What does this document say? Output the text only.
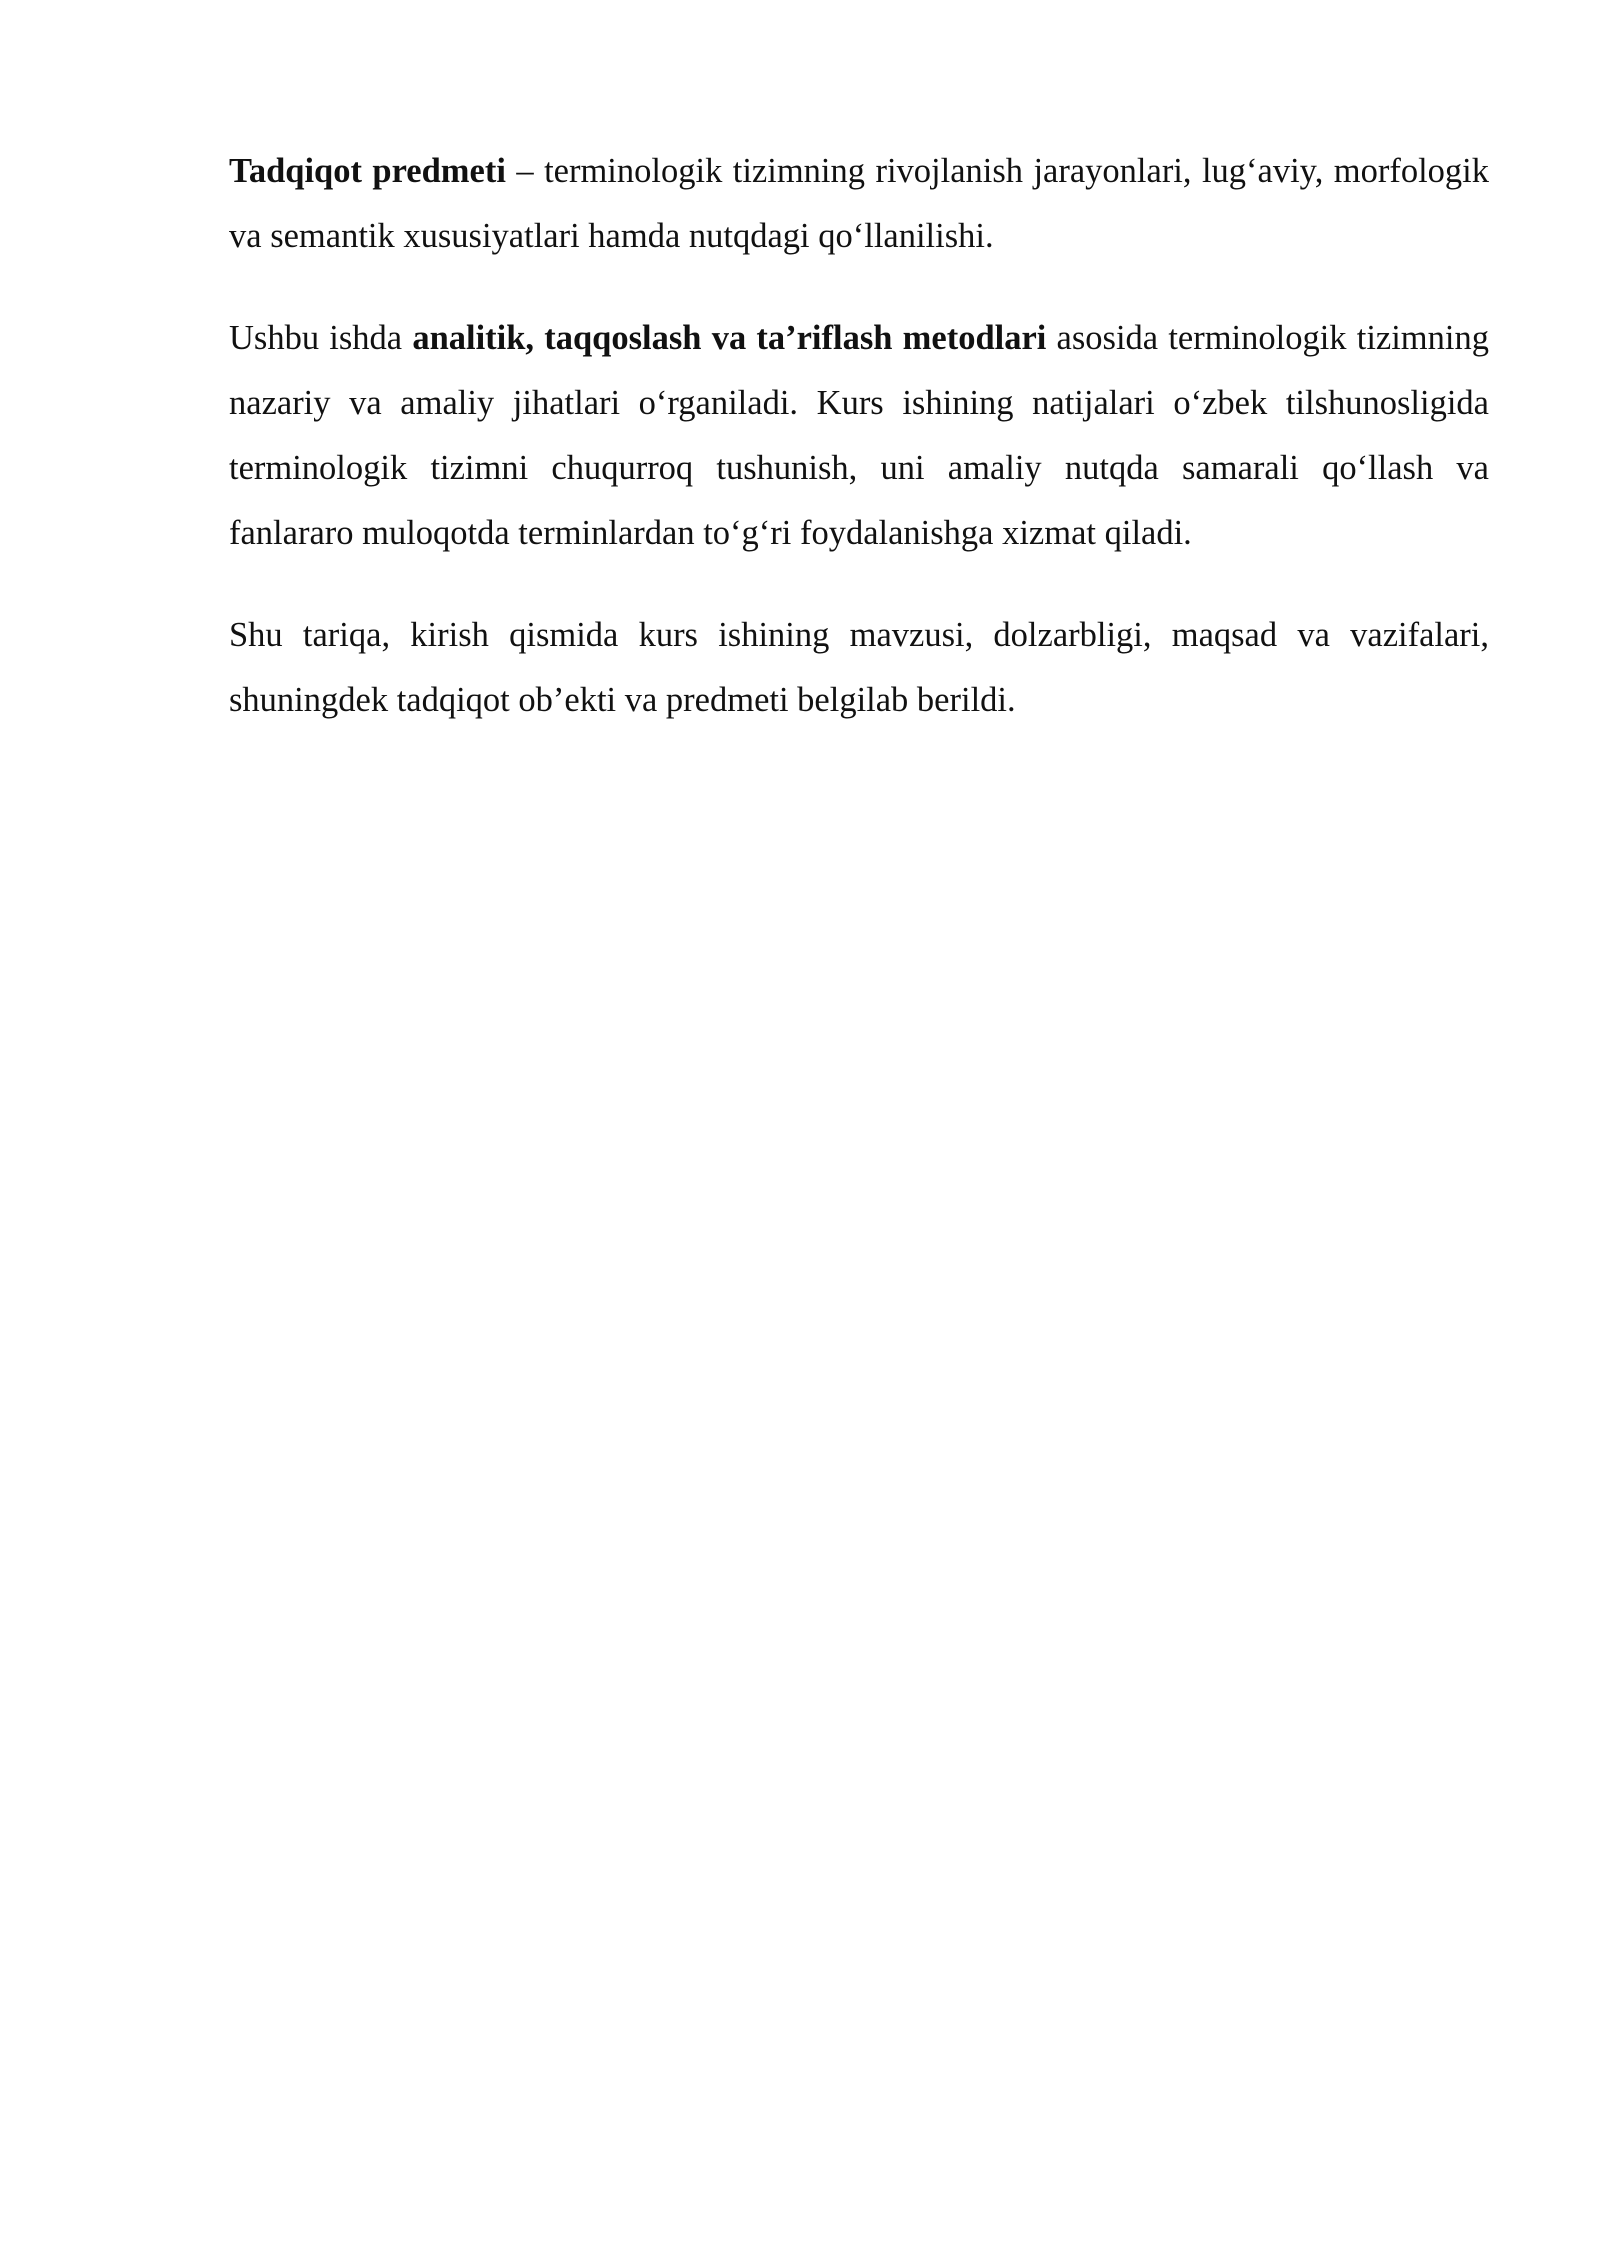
Tadqiqot predmeti – terminologik tizimning rivojlanish jarayonlari, lug‘aviy, morfologik va semantik xususiyatlari hamda nutqdagi qo‘llanilishi.

Ushbu ishda analitik, taqqoslash va ta’riflash metodlari asosida terminologik tizimning nazariy va amaliy jihatlari o‘rganiladi. Kurs ishining natijalari o‘zbek tilshunosligida terminologik tizimni chuqurroq tushunish, uni amaliy nutqda samarali qo‘llash va fanlararo muloqotda terminlardan to‘g‘ri foydalanishga xizmat qiladi.

Shu tariqa, kirish qismida kurs ishining mavzusi, dolzarbligi, maqsad va vazifalari, shuningdek tadqiqot ob’ekti va predmeti belgilab berildi.
